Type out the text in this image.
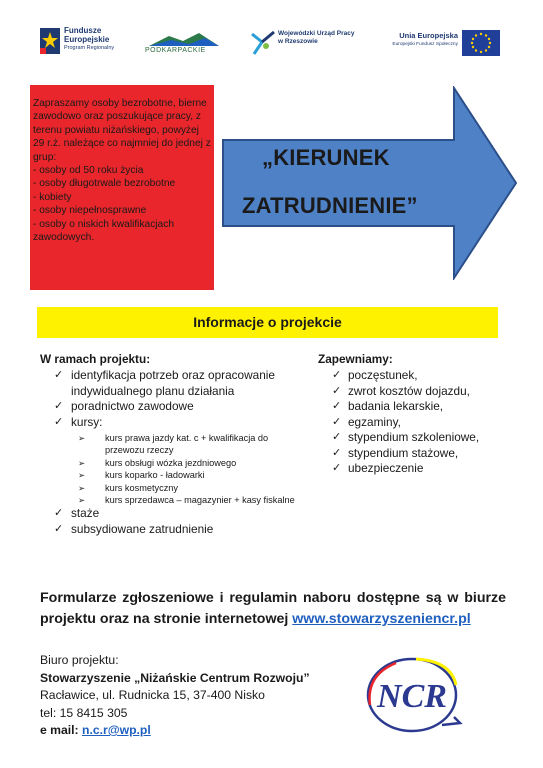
Fundusze
Europejskie
Program Regionalny	PODKARPACKIE
Wojewódzki Urząd Pracy
w Rzeszowie
Unia Europejska
Europejski Fundusz Społeczny
Zapraszamy osoby bezrobotne, bierne zawodowo oraz poszukujące pracy, z terenu powiatu niżańskiego, powyżej 29 r.ż. należące co najmniej do jednej z grup:
- osoby od 50 roku życia
- osoby długotrwale bezrobotne
- kobiety
- osoby niepełnosprawne
- osoby o niskich kwalifikacjach zawodowych.
„KIERUNEK
ZATRUDNIENIE”
Informacje o projekcie
W ramach projektu:
✓ identyfikacja potrzeb oraz opracowanie indywidualnego planu działania
✓ poradnictwo zawodowe
✓ kursy:
➢ kurs prawa jazdy kat. c + kwalifikacja do przewozu rzeczy
➢ kurs obsługi wózka jezdniowego
➢ kurs koparko - ładowarki
➢ kurs kosmetyczny
➢ kurs sprzedawca – magazynier + kasy fiskalne
✓ staże
✓ subsydiowane zatrudnienie
Zapewniamy:
✓ poczęstunek,
✓ zwrot kosztów dojazdu,
✓ badania lekarskie,
✓ egzaminy,
✓ stypendium szkoleniowe,
✓ stypendium stażowe,
✓ ubezpieczenie
Formularze zgłoszeniowe i regulamin naboru dostępne są w biurze projektu oraz na stronie internetowej www.stowarzyszeniencr.pl
Biuro projektu:
Stowarzyszenie „Niżańskie Centrum Rozwoju”
Racławice, ul. Rudnicka 15, 37-400 Nisko
tel: 15 8415 305
e mail: n.c.r@wp.pl
NCR
